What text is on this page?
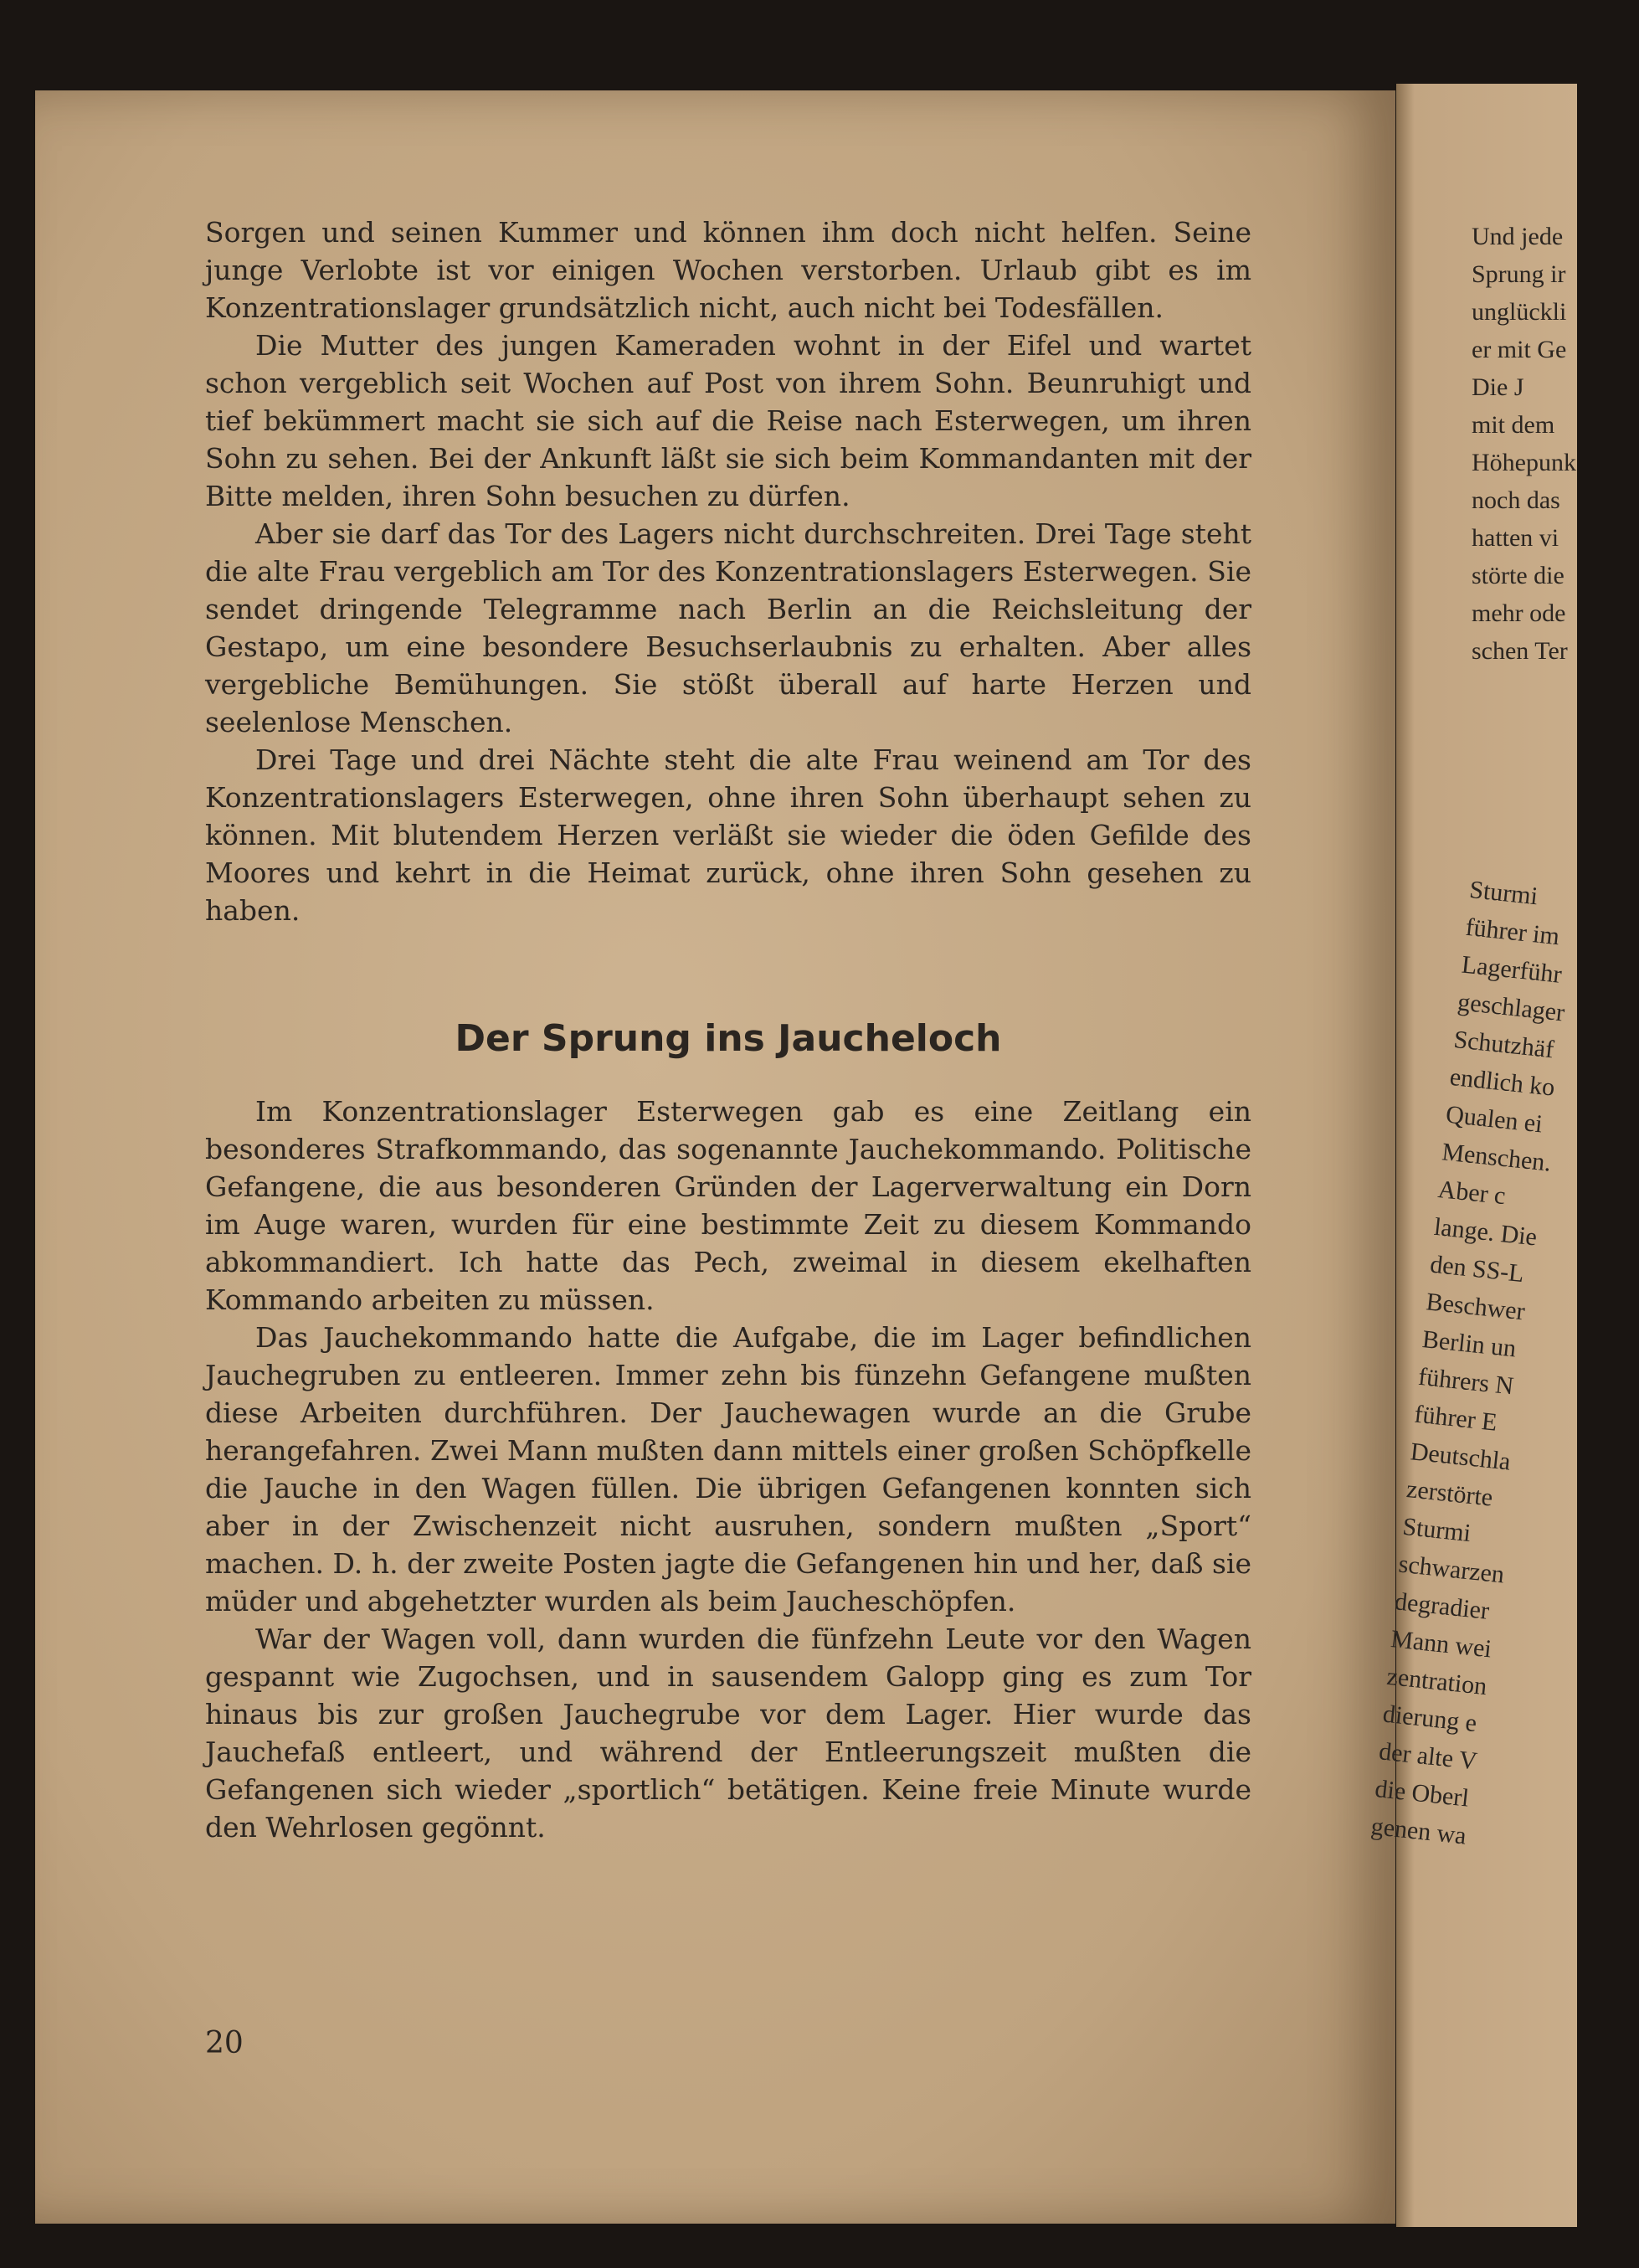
Und jede
Sprung ir
unglückli
er mit Ge
Die J
mit dem
Höhepunk
noch das
hatten vi
störte die
mehr ode
schen Ter
Sturmi
führer im
Lagerführ
geschlager
Schutzhäf
endlich ko
Qualen ei
Menschen.
Aber c
lange. Die
den SS-L
Beschwer
Berlin un
führers N
führer E
Deutschla
zerstörte
Sturmi
schwarzen
degradier
Mann wei
zentration
dierung e
der alte V
die Oberl
genen wa

Sorgen und seinen Kummer und können ihm doch nicht helfen. Seine junge Verlobte ist vor einigen Wochen verstorben. Urlaub gibt es im Konzentrationslager grundsätzlich nicht, auch nicht bei Todesfällen.

Die Mutter des jungen Kameraden wohnt in der Eifel und wartet schon vergeblich seit Wochen auf Post von ihrem Sohn. Beunruhigt und tief bekümmert macht sie sich auf die Reise nach Esterwegen, um ihren Sohn zu sehen. Bei der Ankunft läßt sie sich beim Kommandanten mit der Bitte melden, ihren Sohn besuchen zu dürfen.

Aber sie darf das Tor des Lagers nicht durchschreiten. Drei Tage steht die alte Frau vergeblich am Tor des Konzentrationslagers Esterwegen. Sie sendet dringende Telegramme nach Berlin an die Reichsleitung der Gestapo, um eine besondere Besuchserlaubnis zu erhalten. Aber alles vergebliche Bemühungen. Sie stößt überall auf harte Herzen und seelenlose Menschen.

Drei Tage und drei Nächte steht die alte Frau weinend am Tor des Konzentrationslagers Esterwegen, ohne ihren Sohn überhaupt sehen zu können. Mit blutendem Herzen verläßt sie wieder die öden Gefilde des Moores und kehrt in die Heimat zurück, ohne ihren Sohn gesehen zu haben.

Der Sprung ins Jaucheloch

Im Konzentrationslager Esterwegen gab es eine Zeitlang ein besonderes Strafkommando, das sogenannte Jauchekommando. Politische Gefangene, die aus besonderen Gründen der Lagerverwaltung ein Dorn im Auge waren, wurden für eine bestimmte Zeit zu diesem Kommando abkommandiert. Ich hatte das Pech, zweimal in diesem ekelhaften Kommando arbeiten zu müssen.

Das Jauchekommando hatte die Aufgabe, die im Lager befindlichen Jauchegruben zu entleeren. Immer zehn bis fünzehn Gefangene mußten diese Arbeiten durchführen. Der Jauchewagen wurde an die Grube herangefahren. Zwei Mann mußten dann mittels einer großen Schöpfkelle die Jauche in den Wagen füllen. Die übrigen Gefangenen konnten sich aber in der Zwischenzeit nicht ausruhen, sondern mußten „Sport“ machen. D. h. der zweite Posten jagte die Gefangenen hin und her, daß sie müder und abgehetzter wurden als beim Jaucheschöpfen.

War der Wagen voll, dann wurden die fünfzehn Leute vor den Wagen gespannt wie Zugochsen, und in sausendem Galopp ging es zum Tor hinaus bis zur großen Jauchegrube vor dem Lager. Hier wurde das Jauchefaß entleert, und während der Entleerungszeit mußten die Gefangenen sich wieder „sportlich“ betätigen. Keine freie Minute wurde den Wehrlosen gegönnt.

20
